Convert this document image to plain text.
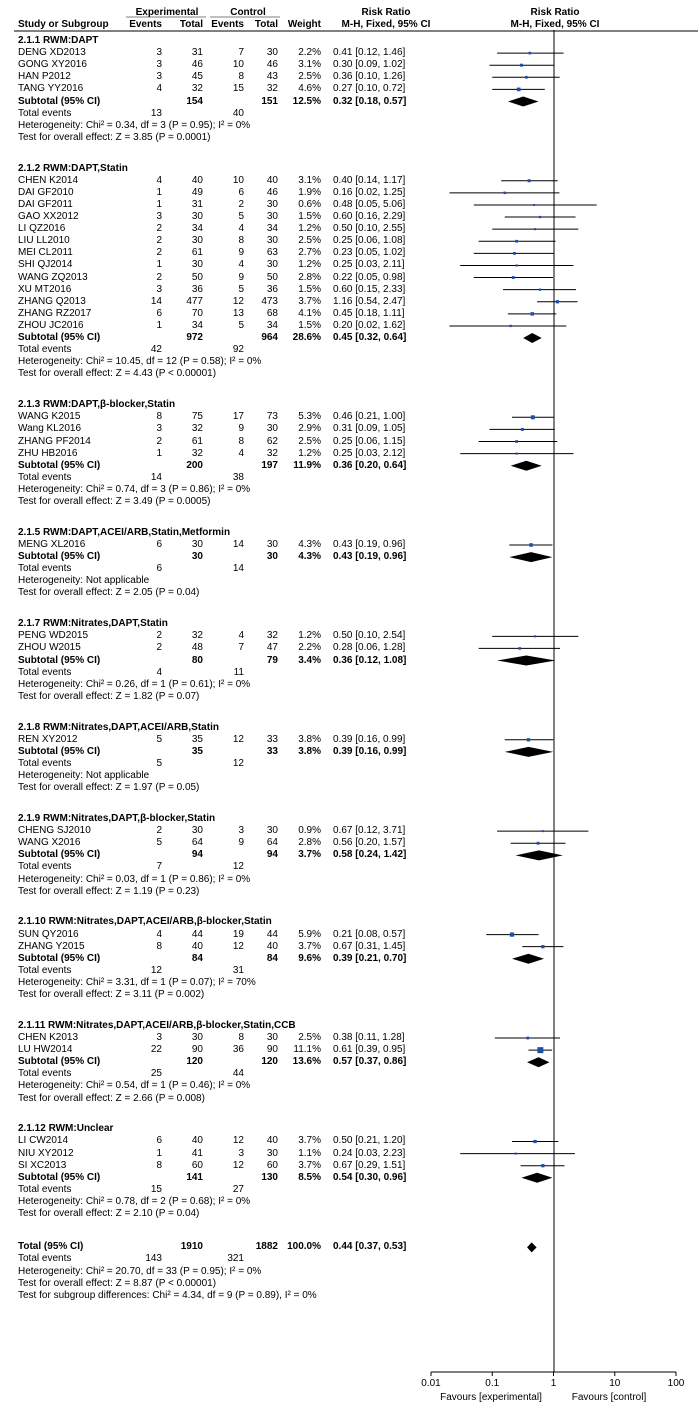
Experimental	Control	Risk Ratio	Risk Ratio
Study or Subgroup	Events	Total Events	Total Weight	M-H, Fixed, 95% CI	M-H, Fixed, 95% CI
2.1.1 RWM:DAPT
DENG XD2013	3	31	7	30	2.2% 0.41 [0.12, 1.46]
GONG XY2016	3	46	10	46	3.1% 0.30 [0.09, 1.02]
HAN P2012	3	45	8	43	2.5% 0.36 [0.10, 1.26]
TANG YY2016	4	32	15	32	4.6% 0.27 [0.10, 0.72]
Subtotal (95% CI)	154	151	12.5% 0.32 [0.18, 0.57]
Total events	13	40
Heterogeneity: Chi² = 0.34, df = 3 (P = 0.95); I² = 0%
Test for overall effect: Z = 3.85 (P = 0.0001)
2.1.2 RWM:DAPT,Statin
CHEN K2014	4	40	10	40	3.1% 0.40 [0.14, 1.17]
DAI GF2010	1	49	6	46	1.9% 0.16 [0.02, 1.25]
DAI GF2011	1	31	2	30	0.6% 0.48 [0.05, 5.06]
GAO XX2012	3	30	5	30	1.5% 0.60 [0.16, 2.29]
LI QZ2016	2	34	4	34	1.2% 0.50 [0.10, 2.55]
LIU LL2010	2	30	8	30	2.5% 0.25 [0.06, 1.08]
MEI CL2011	2	61	9	63	2.7% 0.23 [0.05, 1.02]
SHI QJ2014	1	30	4	30	1.2% 0.25 [0.03, 2.11]
WANG ZQ2013	2	50	9	50	2.8% 0.22 [0.05, 0.98]
XU MT2016	3	36	5	36	1.5% 0.60 [0.15, 2.33]
ZHANG Q2013	14	477	12	473	3.7% 1.16 [0.54, 2.47]
ZHANG RZ2017	6	70	13	68	4.1% 0.45 [0.18, 1.11]
ZHOU JC2016	1	34	5	34	1.5% 0.20 [0.02, 1.62]
Subtotal (95% CI)	972	964	28.6% 0.45 [0.32, 0.64]
Total events	42	92
Heterogeneity: Chi² = 10.45, df = 12 (P = 0.58); I² = 0%
Test for overall effect: Z = 4.43 (P < 0.00001)
2.1.3 RWM:DAPT,β-blocker,Statin
WANG K2015	8	75	17	73	5.3% 0.46 [0.21, 1.00]
Wang KL2016	3	32	9	30	2.9% 0.31 [0.09, 1.05]
ZHANG PF2014	2	61	8	62	2.5% 0.25 [0.06, 1.15]
ZHU HB2016	1	32	4	32	1.2% 0.25 [0.03, 2.12]
Subtotal (95% CI)	200	197	11.9% 0.36 [0.20, 0.64]
Total events	14	38
Heterogeneity: Chi² = 0.74, df = 3 (P = 0.86); I² = 0%
Test for overall effect: Z = 3.49 (P = 0.0005)
2.1.5 RWM:DAPT,ACEI/ARB,Statin,Metformin
MENG XL2016	6	30	14	30	4.3% 0.43 [0.19, 0.96]
Subtotal (95% CI)	30	30	4.3% 0.43 [0.19, 0.96]
Total events	6	14
Heterogeneity: Not applicable
Test for overall effect: Z = 2.05 (P = 0.04)
2.1.7 RWM:Nitrates,DAPT,Statin
PENG WD2015	2	32	4	32	1.2% 0.50 [0.10, 2.54]
ZHOU W2015	2	48	7	47	2.2% 0.28 [0.06, 1.28]
Subtotal (95% CI)	80	79	3.4% 0.36 [0.12, 1.08]
Total events	4	11
Heterogeneity: Chi² = 0.26, df = 1 (P = 0.61); I² = 0%
Test for overall effect: Z = 1.82 (P = 0.07)
2.1.8 RWM:Nitrates,DAPT,ACEI/ARB,Statin
REN XY2012	5	35	12	33	3.8% 0.39 [0.16, 0.99]
Subtotal (95% CI)	35	33	3.8% 0.39 [0.16, 0.99]
Total events	5	12
Heterogeneity: Not applicable
Test for overall effect: Z = 1.97 (P = 0.05)
2.1.9 RWM:Nitrates,DAPT,β-blocker,Statin
CHENG SJ2010	2	30	3	30	0.9% 0.67 [0.12, 3.71]
WANG X2016	5	64	9	64	2.8% 0.56 [0.20, 1.57]
Subtotal (95% CI)	94	94	3.7% 0.58 [0.24, 1.42]
Total events	7	12
Heterogeneity: Chi² = 0.03, df = 1 (P = 0.86); I² = 0%
Test for overall effect: Z = 1.19 (P = 0.23)
2.1.10 RWM:Nitrates,DAPT,ACEI/ARB,β-blocker,Statin
SUN QY2016	4	44	19	44	5.9% 0.21 [0.08, 0.57]
ZHANG Y2015	8	40	12	40	3.7% 0.67 [0.31, 1.45]
Subtotal (95% CI)	84	84	9.6% 0.39 [0.21, 0.70]
Total events	12	31
Heterogeneity: Chi² = 3.31, df = 1 (P = 0.07); I² = 70%
Test for overall effect: Z = 3.11 (P = 0.002)
2.1.11 RWM:Nitrates,DAPT,ACEI/ARB,β-blocker,Statin,CCB
CHEN K2013	3	30	8	30	2.5% 0.38 [0.11, 1.28]
LU HW2014	22	90	36	90	11.1% 0.61 [0.39, 0.95]
Subtotal (95% CI)	120	120	13.6% 0.57 [0.37, 0.86]
Total events	25	44
Heterogeneity: Chi² = 0.54, df = 1 (P = 0.46); I² = 0%
Test for overall effect: Z = 2.66 (P = 0.008)
2.1.12 RWM:Unclear
LI CW2014	6	40	12	40	3.7% 0.50 [0.21, 1.20]
NIU XY2012	1	41	3	30	1.1% 0.24 [0.03, 2.23]
SI XC2013	8	60	12	60	3.7% 0.67 [0.29, 1.51]
Subtotal (95% CI)	141	130	8.5% 0.54 [0.30, 0.96]
Total events	15	27
Heterogeneity: Chi² = 0.78, df = 2 (P = 0.68); I² = 0%
Test for overall effect: Z = 2.10 (P = 0.04)
Total (95% CI)	1910	1882 100.0% 0.44 [0.37, 0.53]
Total events	143	321
Heterogeneity: Chi² = 20.70, df = 33 (P = 0.95); I² = 0%
Test for overall effect: Z = 8.87 (P < 0.00001)
Test for subgroup differences: Chi² = 4.34, df = 9 (P = 0.89), I² = 0%
0.01	0.1	1	10	100
Favours [experimental]	Favours [control]
